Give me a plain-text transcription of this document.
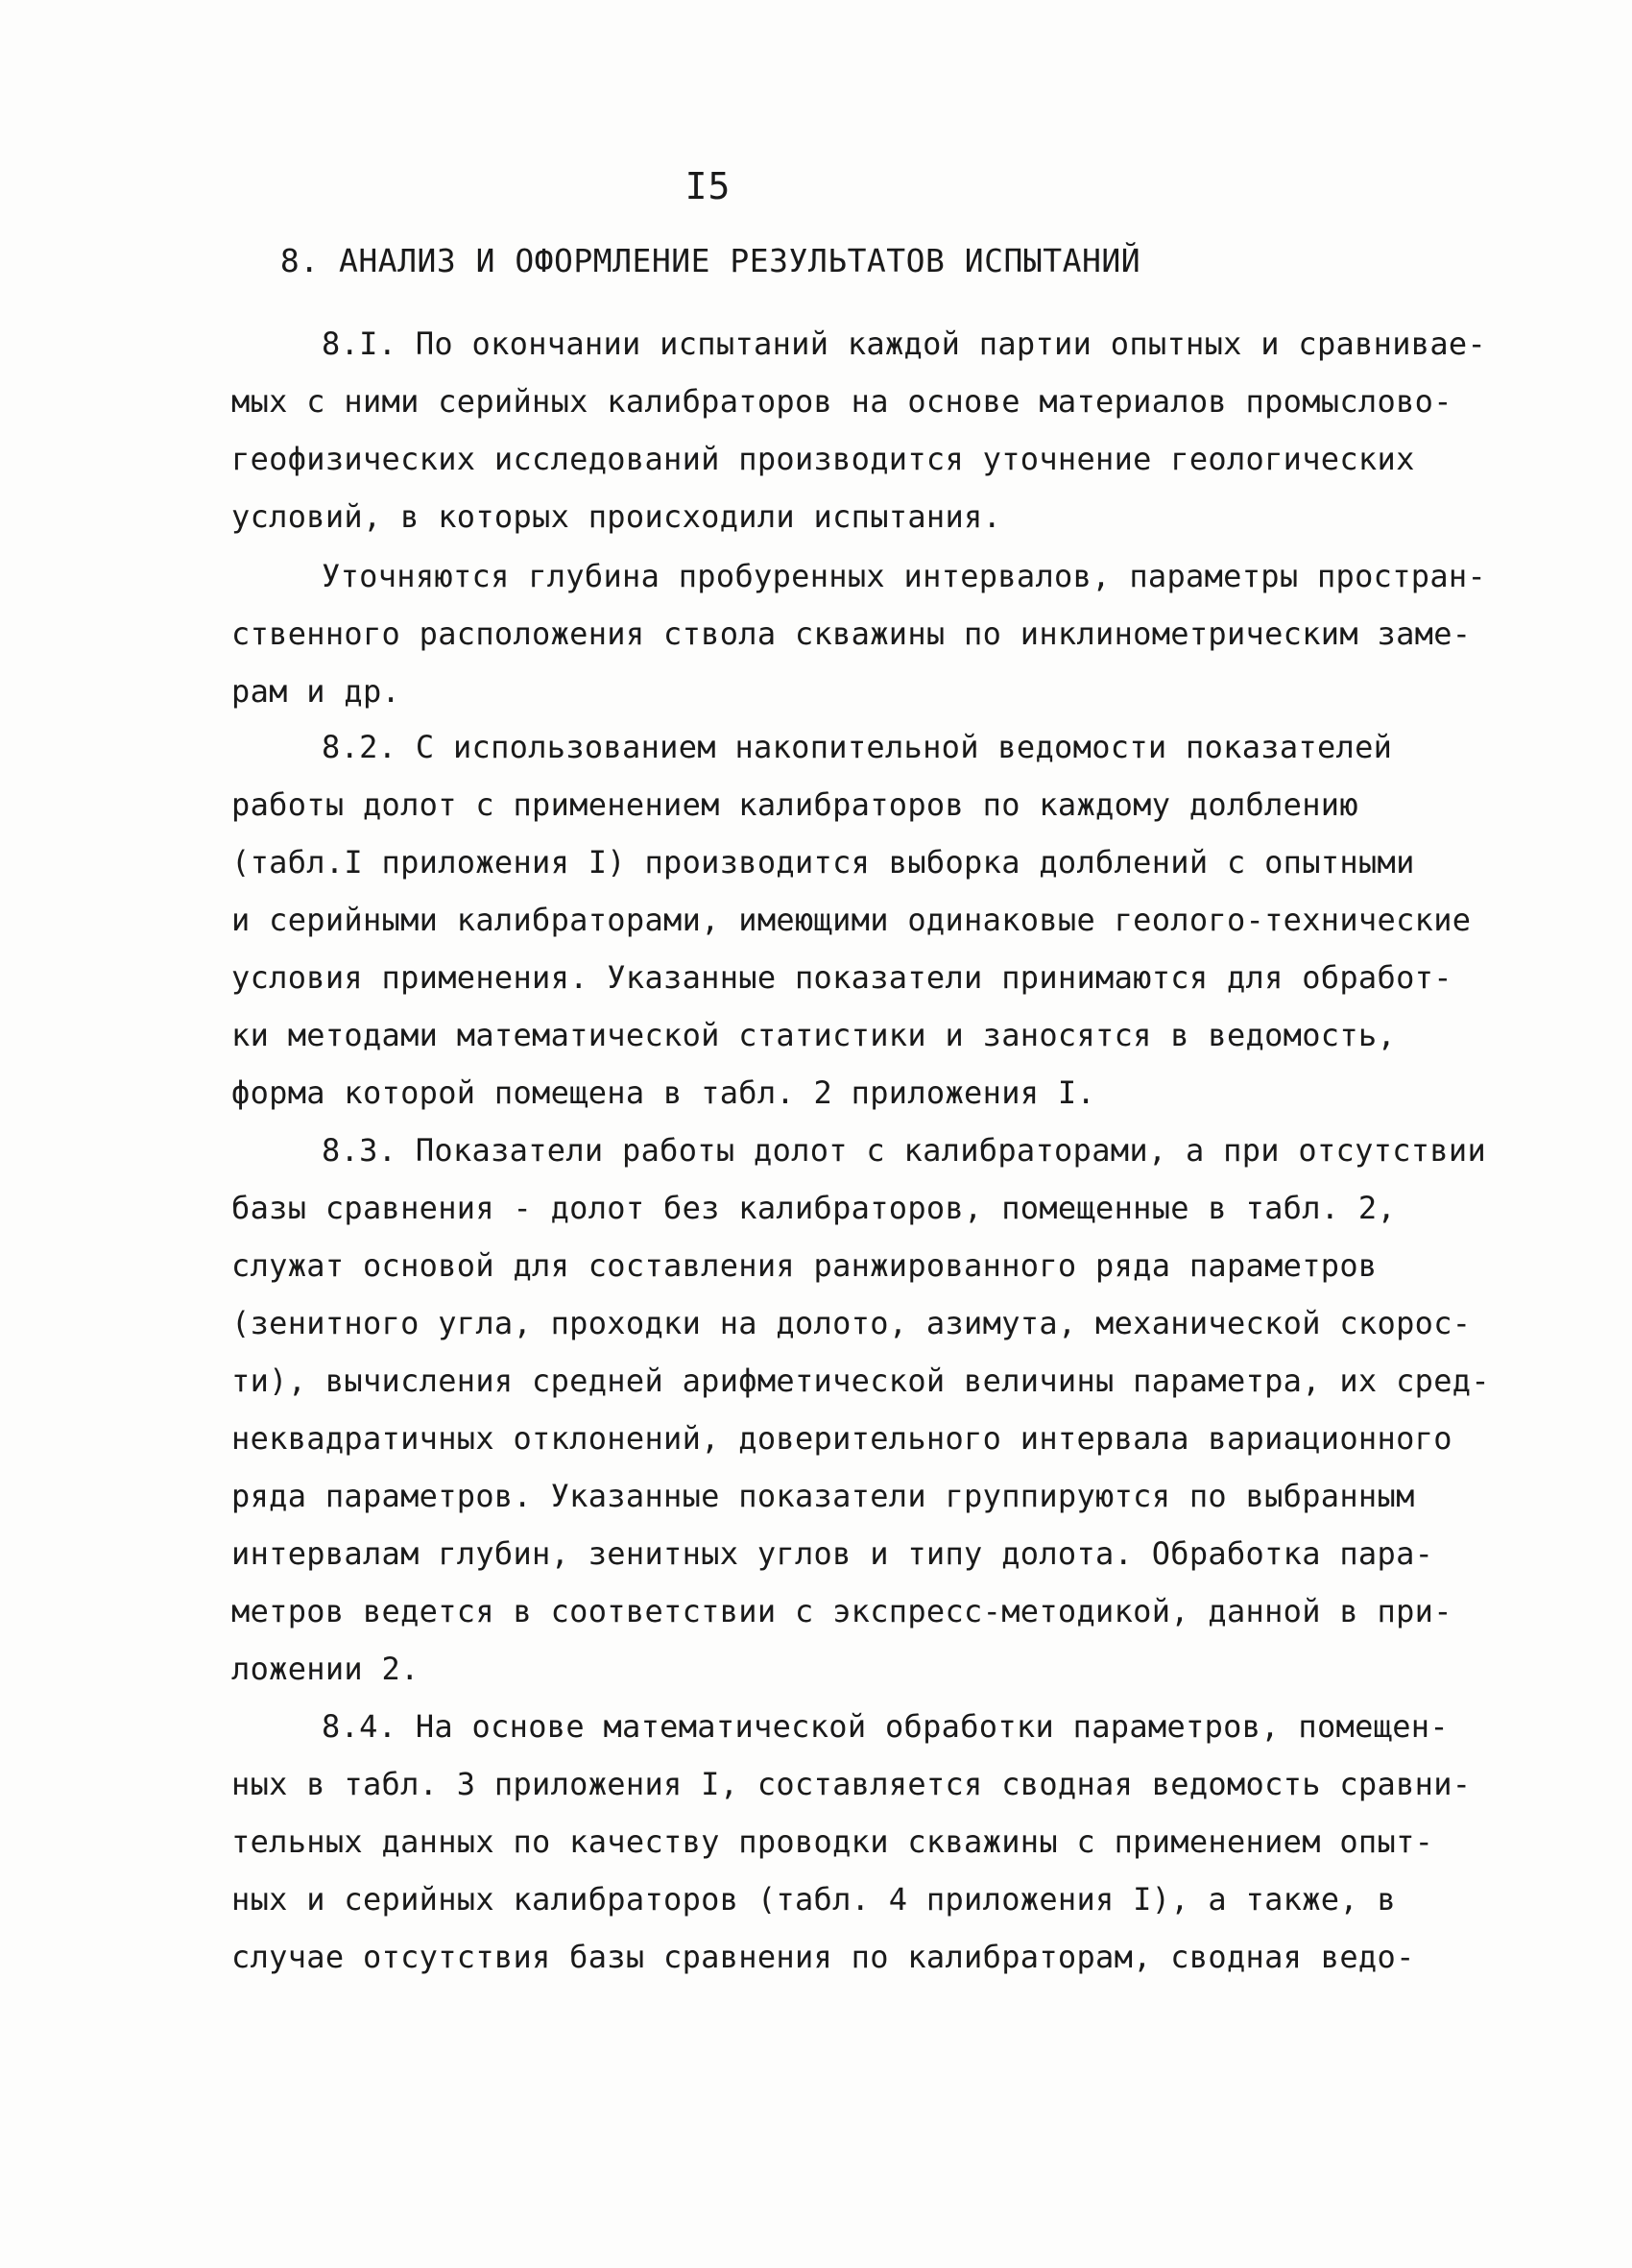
I5
8. АНАЛИЗ И ОФОРМЛЕНИЕ РЕЗУЛЬТАТОВ ИСПЫТАНИЙ
8.I. По окончании испытаний каждой партии опытных и сравнивае-
мых с ними серийных калибраторов на основе материалов промыслово-
геофизических исследований производится уточнение геологических
условий, в которых происходили испытания.
Уточняются глубина пробуренных интервалов, параметры простран-
ственного расположения ствола скважины по инклинометрическим заме-
рам и др.
8.2. С использованием накопительной ведомости показателей
работы долот с применением калибраторов по каждому долблению
(табл.I приложения I) производится выборка долблений с опытными
и серийными калибраторами, имеющими одинаковые геолого-технические
условия применения. Указанные показатели принимаются для обработ-
ки методами математической статистики и заносятся в ведомость,
форма которой помещена в табл. 2 приложения I.
8.3. Показатели работы долот с калибраторами, а при отсутствии
базы сравнения - долот без калибраторов, помещенные в табл. 2,
служат основой для составления ранжированного ряда параметров
(зенитного угла, проходки на долото, азимута, механической скорос-
ти), вычисления средней арифметической величины параметра, их сред-
неквадратичных отклонений, доверительного интервала вариационного
ряда параметров. Указанные показатели группируются по выбранным
интервалам глубин, зенитных углов и типу долота. Обработка пара-
метров ведется в соответствии с экспресс-методикой, данной в при-
ложении 2.
8.4. На основе математической обработки параметров, помещен-
ных в табл. 3 приложения I, составляется сводная ведомость сравни-
тельных данных по качеству проводки скважины с применением опыт-
ных и серийных калибраторов (табл. 4 приложения I), а также, в
случае отсутствия базы сравнения по калибраторам, сводная ведо-
